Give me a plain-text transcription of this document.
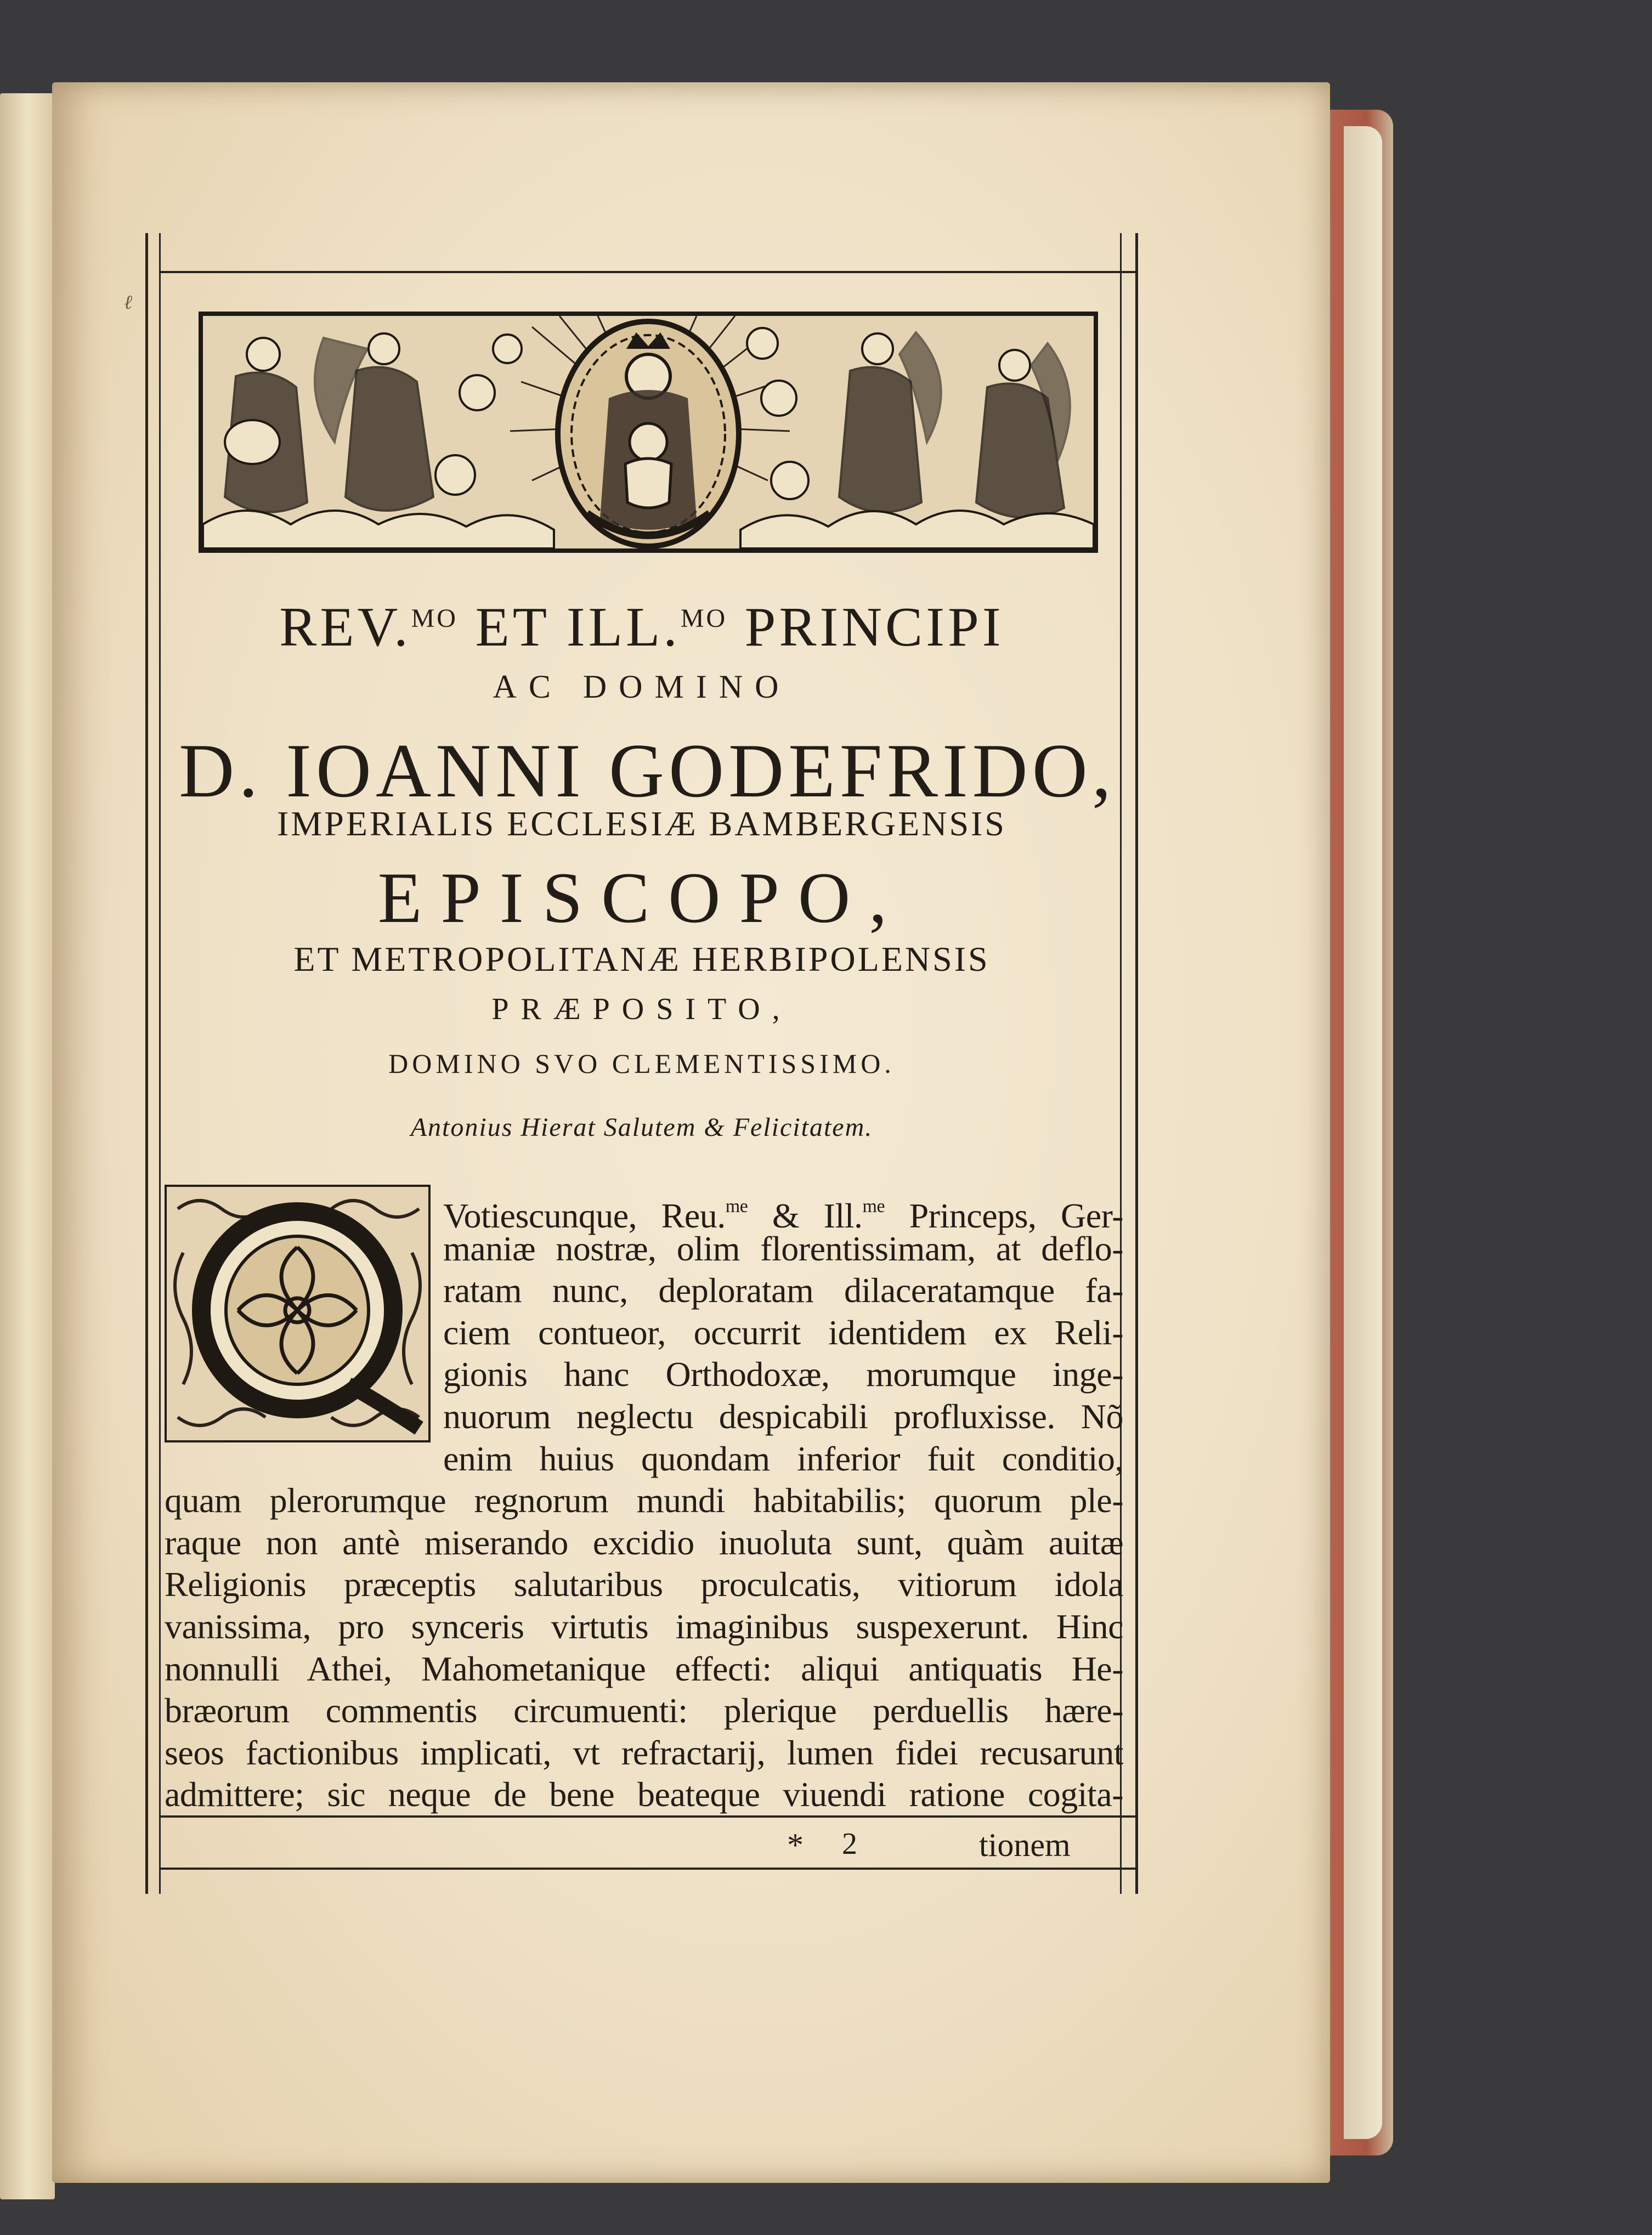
ℓ
REV.$^{MO}$ ET ILL.$^{MO}$ PRINCIPI
AC DOMINO
D. IOANNI GODEFRIDO,
IMPERIALIS ECCLESIÆ BAMBERGENSIS
EPISCOPO,
ET METROPOLITANÆ HERBIPOLENSIS
PRÆPOSITO,
DOMINO SVO CLEMENTISSIMO.
Antonius Hierat Salutem & Felicitatem.
Votiescunque, Reu.$^{me}$ & Ill.$^{me}$ Princeps, Ger-
maniæ nostræ, olim florentissimam, at deflo-
ratam nunc, deploratam dilaceratamque fa-
ciem contueor, occurrit identidem ex Reli-
gionis hanc Orthodoxæ, morumque inge-
nuorum neglectu despicabili profluxisse. Nõ
enim huius quondam inferior fuit conditio,
quam plerorumque regnorum mundi habitabilis; quorum ple-
raque non antè miserando excidio inuoluta sunt, quàm auitæ
Religionis præceptis salutaribus proculcatis, vitiorum idola
vanissima, pro synceris virtutis imaginibus suspexerunt. Hinc
nonnulli Athei, Mahometanique effecti: aliqui antiquatis He-
bræorum commentis circumuenti: plerique perduellis hære-
seos factionibus implicati, vt refractarij, lumen fidei recusarunt
* 2	tionem
admittere; sic neque de bene beateque viuendi ratione cogita-
